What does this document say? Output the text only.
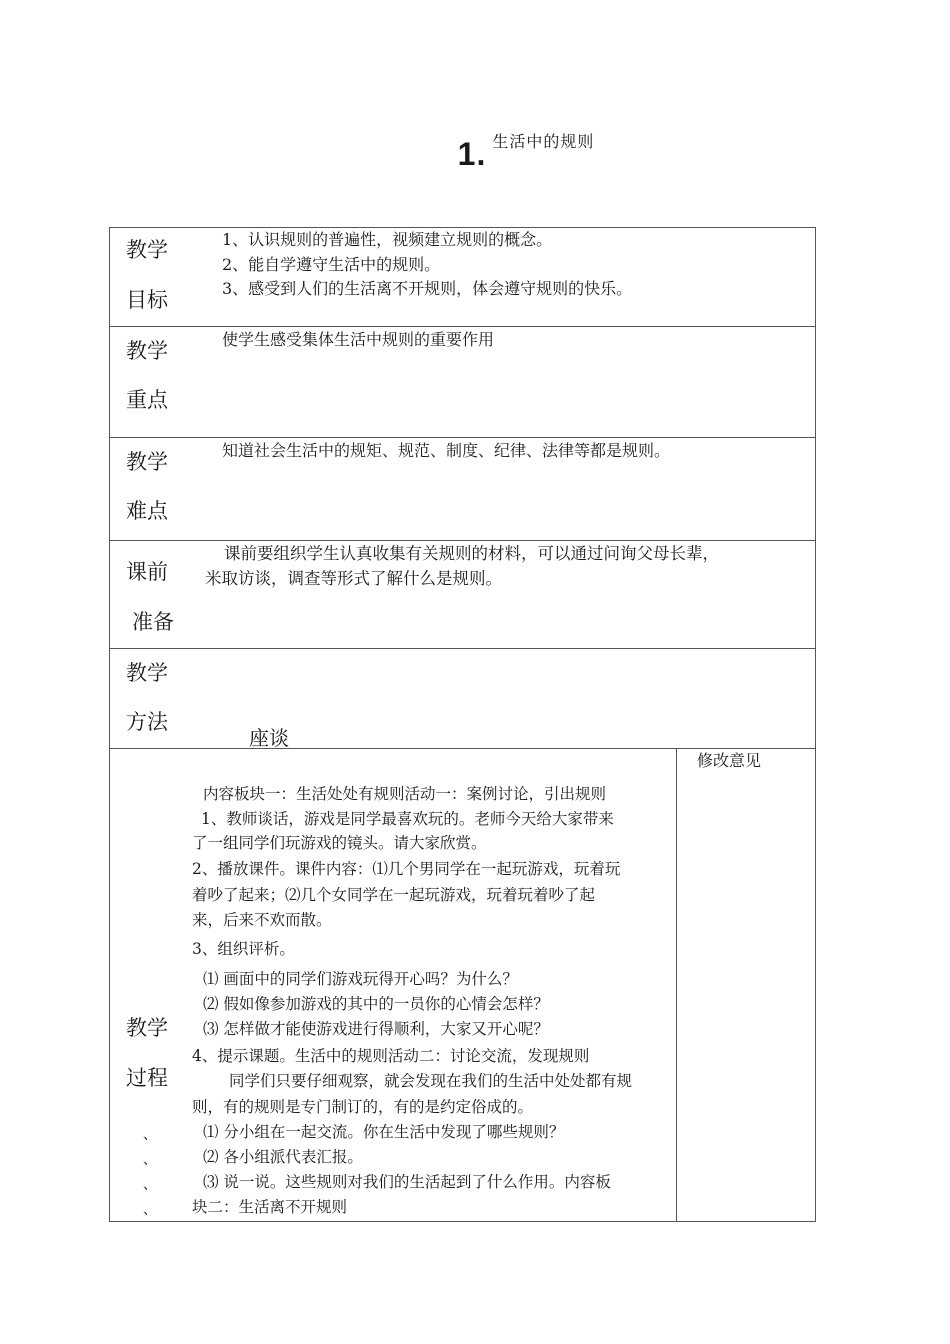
1. 生活中的规则
教学
目标
1、认识规则的普遍性，视频建立规则的概念。
2、能自学遵守生活中的规则。
3、感受到人们的生活离不开规则，体会遵守规则的快乐。
教学
重点
使学生感受集体生活中规则的重要作用
教学
难点
知道社会生活中的规矩、规范、制度、纪律、法律等都是规则。
课前
准备
课前要组织学生认真收集有关规则的材料，可以通过问询父母长辈，
米取访谈，调查等形式了解什么是规则。
教学
方法
座谈
修改意见
教学
过程
、
、
、
、
内容板块一：生活处处有规则活动一：案例讨论，引出规则
1、教师谈话，游戏是同学最喜欢玩的。老师今天给大家带来
了一组同学们玩游戏的镜头。请大家欣赏。
2、播放课件。课件内容：⑴几个男同学在一起玩游戏，玩着玩
着吵了起来；⑵几个女同学在一起玩游戏，玩着玩着吵了起
来，后来不欢而散。
3、组织评析。
⑴ 画面中的同学们游戏玩得开心吗？为什么？
⑵ 假如像参加游戏的其中的一员你的心情会怎样？
⑶ 怎样做才能使游戏进行得顺利，大家又开心呢？
4、提示课题。生活中的规则活动二：讨论交流，发现规则
同学们只要仔细观察，就会发现在我们的生活中处处都有规
则，有的规则是专门制订的，有的是约定俗成的。
⑴ 分小组在一起交流。你在生活中发现了哪些规则？
⑵ 各小组派代表汇报。
⑶ 说一说。这些规则对我们的生活起到了什么作用。内容板
块二：生活离不开规则
